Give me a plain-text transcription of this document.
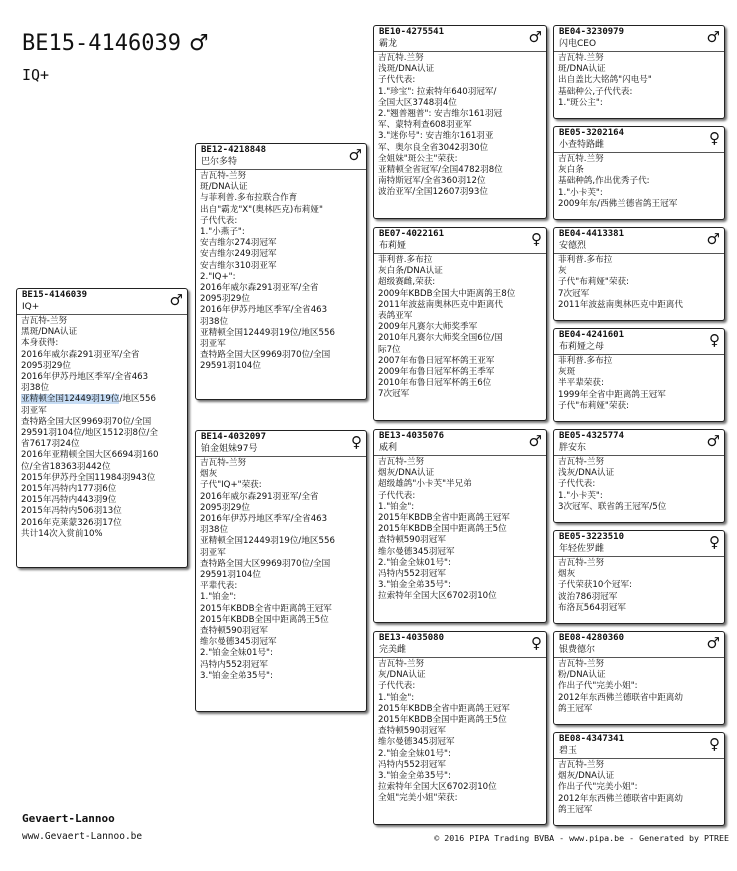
BE15-4146039 ♂
IQ+
BE15-4146039
IQ+	♂
吉瓦特-兰努
黑斑/DNA认证
本身获得:
2016年威尔森291羽亚军/全省
2095羽29位
2016年伊苏丹地区季军/全省463
羽38位
亚精顿全国12449羽19位/地区556
羽亚军
查特路全国大区9969羽70位/全国
29591羽104位/地区1512羽8位/全
省7617羽24位
2016年亚精顿全国大区6694羽160
位/全省18363羽442位
2015年伊苏丹全国11984羽943位
2015年冯特内177羽6位
2015年冯特内443羽9位
2015年冯特内506羽13位
2016年克莱蒙326羽17位
共计14次入赏前10%
BE12-4218848
巴尔多特	♂
吉瓦特-兰努
斑/DNA认证
与菲利普.多布拉联合作育
出自"霸龙"X"(奥林匹克)布莉娅"
子代代表:
1."小燕子":
安吉维尔274羽冠军
安吉维尔249羽冠军
安吉维尔310羽亚军
2."IQ+":
2016年威尔森291羽亚军/全省
2095羽29位
2016年伊苏丹地区季军/全省463
羽38位
亚精顿全国12449羽19位/地区556
羽亚军
查特路全国大区9969羽70位/全国
29591羽104位
BE14-4032097
铂金姐妹97号	♀
吉瓦特-兰努
烟灰
子代"IQ+"荣获:
2016年威尔森291羽亚军/全省
2095羽29位
2016年伊苏丹地区季军/全省463
羽38位
亚精顿全国12449羽19位/地区556
羽亚军
查特路全国大区9969羽70位/全国
29591羽104位
平辈代表:
1."铂金":
2015年KBDB全省中距离鸽王冠军
2015年KBDB全国中距离鸽王5位
查特顿590羽冠军
维尔曼德345羽冠军
2."铂金全妹01号":
冯特内552羽冠军
3."铂金全弟35号":
BE10-4275541
霸龙	♂
吉瓦特.兰努
浅斑/DNA认证
子代代表:
1."珍宝": 拉索特年640羽冠军/
全国大区3748羽4位
2."翘普翘普": 安吉维尔161羽冠
军、蒙特利查608羽亚军
3."迷你号": 安吉维尔161羽亚
军、奥尔良全省3042羽30位
全姐妹"斑公主"荣获:
亚精顿全省冠军/全国4782羽8位
南特斯冠军/全省360羽12位
波治亚军/全国12607羽93位
BE07-4022161
布莉娅	♀
菲利普.多布拉
灰白条/DNA认证
超级赛雌,荣获:
2009年KBDB全国大中距离鸽王8位
2011年波兹南奥林匹克中距离代
表鸽亚军
2009年凡赛尔大师奖季军
2010年凡赛尔大师奖全国6位/国
际7位
2007年布鲁日冠军杯鸽王亚军
2009年布鲁日冠军杯鸽王季军
2010年布鲁日冠军杯鸽王6位
7次冠军
BE13-4035076
威利	♂
吉瓦特-兰努
烟灰/DNA认证
超级雄鸽"小卡芙"半兄弟
子代代表:
1."铂金":
2015年KBDB全省中距离鸽王冠军
2015年KBDB全国中距离鸽王5位
查特顿590羽冠军
维尔曼德345羽冠军
2."铂金全妹01号":
冯特内552羽冠军
3."铂金全弟35号":
拉索特年全国大区6702羽10位
BE13-4035080
完美雌	♀
吉瓦特-兰努
灰/DNA认证
子代代表:
1."铂金":
2015年KBDB全省中距离鸽王冠军
2015年KBDB全国中距离鸽王5位
查特顿590羽冠军
维尔曼德345羽冠军
2."铂金全妹01号":
冯特内552羽冠军
3."铂金全弟35号":
拉索特年全国大区6702羽10位
全姐"完美小姐"荣获:
BE04-3230979
闪电CEO	♂
吉瓦特.兰努
斑/DNA认证
出自盖比大铭鸽"闪电号"
基础种公,子代代表:
1."斑公主":
BE05-3202164
小查特路雌	♀
吉瓦特.兰努
灰白条
基础种鸽,作出优秀子代:
1."小卡芙":
2009年东/西佛兰德省鸽王冠军
BE04-4413381
安德烈	♂
菲利普.多布拉
灰
子代"布莉娅"荣获:
7次冠军
2011年波兹南奥林匹克中距离代
BE04-4241601
布莉娅之母	♀
菲利普.多布拉
灰斑
半平辈荣获:
1999年全省中距离鸽王冠军
子代"布莉娅"荣获:
BE05-4325774
胖安东	♂
吉瓦特-兰努
浅灰/DNA认证
子代代表:
1."小卡芙":
3次冠军、联省鸽王冠军/5位
BE05-3223510
年轻佐罗雌	♀
吉瓦特-兰努
烟灰
子代荣获10个冠军:
波治786羽冠军
布洛瓦564羽冠军
BE08-4280360
银费德尔	♂
吉瓦特-兰努
粉/DNA认证
作出子代"完美小姐":
2012年东西佛兰德联省中距离幼
鸽王冠军
BE08-4347341
碧玉	♀
吉瓦特-兰努
烟灰/DNA认证
作出子代"完美小姐":
2012年东西佛兰德联省中距离幼
鸽王冠军
Gevaert-Lannoo
www.Gevaert-Lannoo.be	© 2016 PIPA Trading BVBA - www.pipa.be - Generated by PTREE
